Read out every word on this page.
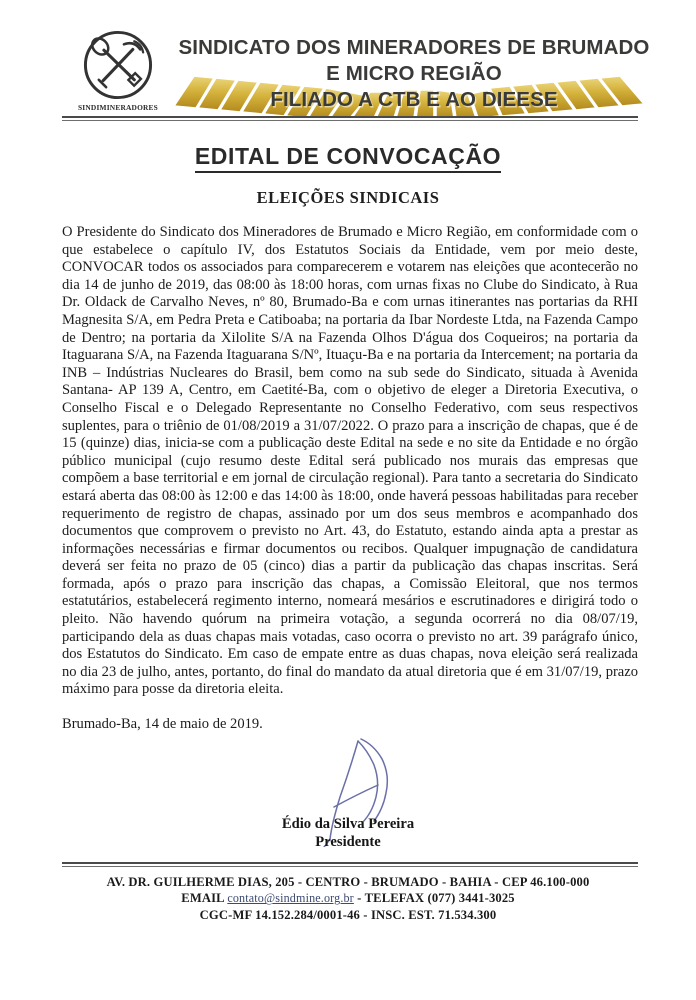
SINDIMINERADORES
SINDICATO DOS MINERADORES DE BRUMADO
E MICRO REGIÃO
FILIADO A CTB E AO DIEESE
EDITAL DE CONVOCAÇÃO
ELEIÇÕES SINDICAIS

O Presidente do Sindicato dos Mineradores de Brumado e Micro Região, em conformidade com o que estabelece o capítulo IV, dos Estatutos Sociais da Entidade, vem por meio deste, CONVOCAR todos os associados para comparecerem e votarem nas eleições que acontecerão no dia 14 de junho de 2019, das 08:00 às 18:00 horas, com urnas fixas no Clube do Sindicato, à Rua Dr. Oldack de Carvalho Neves, nº 80, Brumado-Ba e com urnas itinerantes nas portarias da RHI Magnesita S/A, em Pedra Preta e Catiboaba; na portaria da Ibar Nordeste Ltda, na Fazenda Campo de Dentro; na portaria da Xilolite S/A na Fazenda Olhos D'água dos Coqueiros; na portaria da Itaguarana S/A, na Fazenda Itaguarana S/Nº, Ituaçu-Ba e na portaria da Intercement; na portaria da INB – Indústrias Nucleares do Brasil, bem como na sub sede do Sindicato, situada à Avenida Santana- AP 139 A, Centro, em Caetité-Ba, com o objetivo de eleger a Diretoria Executiva, o Conselho Fiscal e o Delegado Representante no Conselho Federativo, com seus respectivos suplentes, para o triênio de 01/08/2019 a 31/07/2022. O prazo para a inscrição de chapas, que é de 15 (quinze) dias, inicia-se com a publicação deste Edital na sede e no site da Entidade e no órgão público municipal (cujo resumo deste Edital será publicado nos murais das empresas que compõem a base territorial e em jornal de circulação regional). Para tanto a secretaria do Sindicato estará aberta das 08:00 às 12:00 e das 14:00 às 18:00, onde haverá pessoas habilitadas para receber requerimento de registro de chapas, assinado por um dos seus membros e acompanhado dos documentos que comprovem o previsto no Art. 43, do Estatuto, estando ainda apta a prestar as informações necessárias e firmar documentos ou recibos. Qualquer impugnação de candidatura deverá ser feita no prazo de 05 (cinco) dias a partir da publicação das chapas inscritas. Será formada, após o prazo para inscrição das chapas, a Comissão Eleitoral, que nos termos estatutários, estabelecerá regimento interno, nomeará mesários e escrutinadores e dirigirá todo o pleito. Não havendo quórum na primeira votação, a segunda ocorrerá no dia 08/07/19, participando dela as duas chapas mais votadas, caso ocorra o previsto no art. 39 parágrafo único, dos Estatutos do Sindicato. Em caso de empate entre as duas chapas, nova eleição será realizada no dia 23 de julho, antes, portanto, do final do mandato da atual diretoria que é em 31/07/19, prazo máximo para posse da diretoria eleita.

Brumado-Ba, 14 de maio de 2019.

Édio da Silva Pereira
Presidente
AV. DR. GUILHERME DIAS, 205 - CENTRO - BRUMADO - BAHIA - CEP 46.100-000
EMAIL contato@sindmine.org.br - TELEFAX (077) 3441-3025
CGC-MF 14.152.284/0001-46 - INSC. EST. 71.534.300
